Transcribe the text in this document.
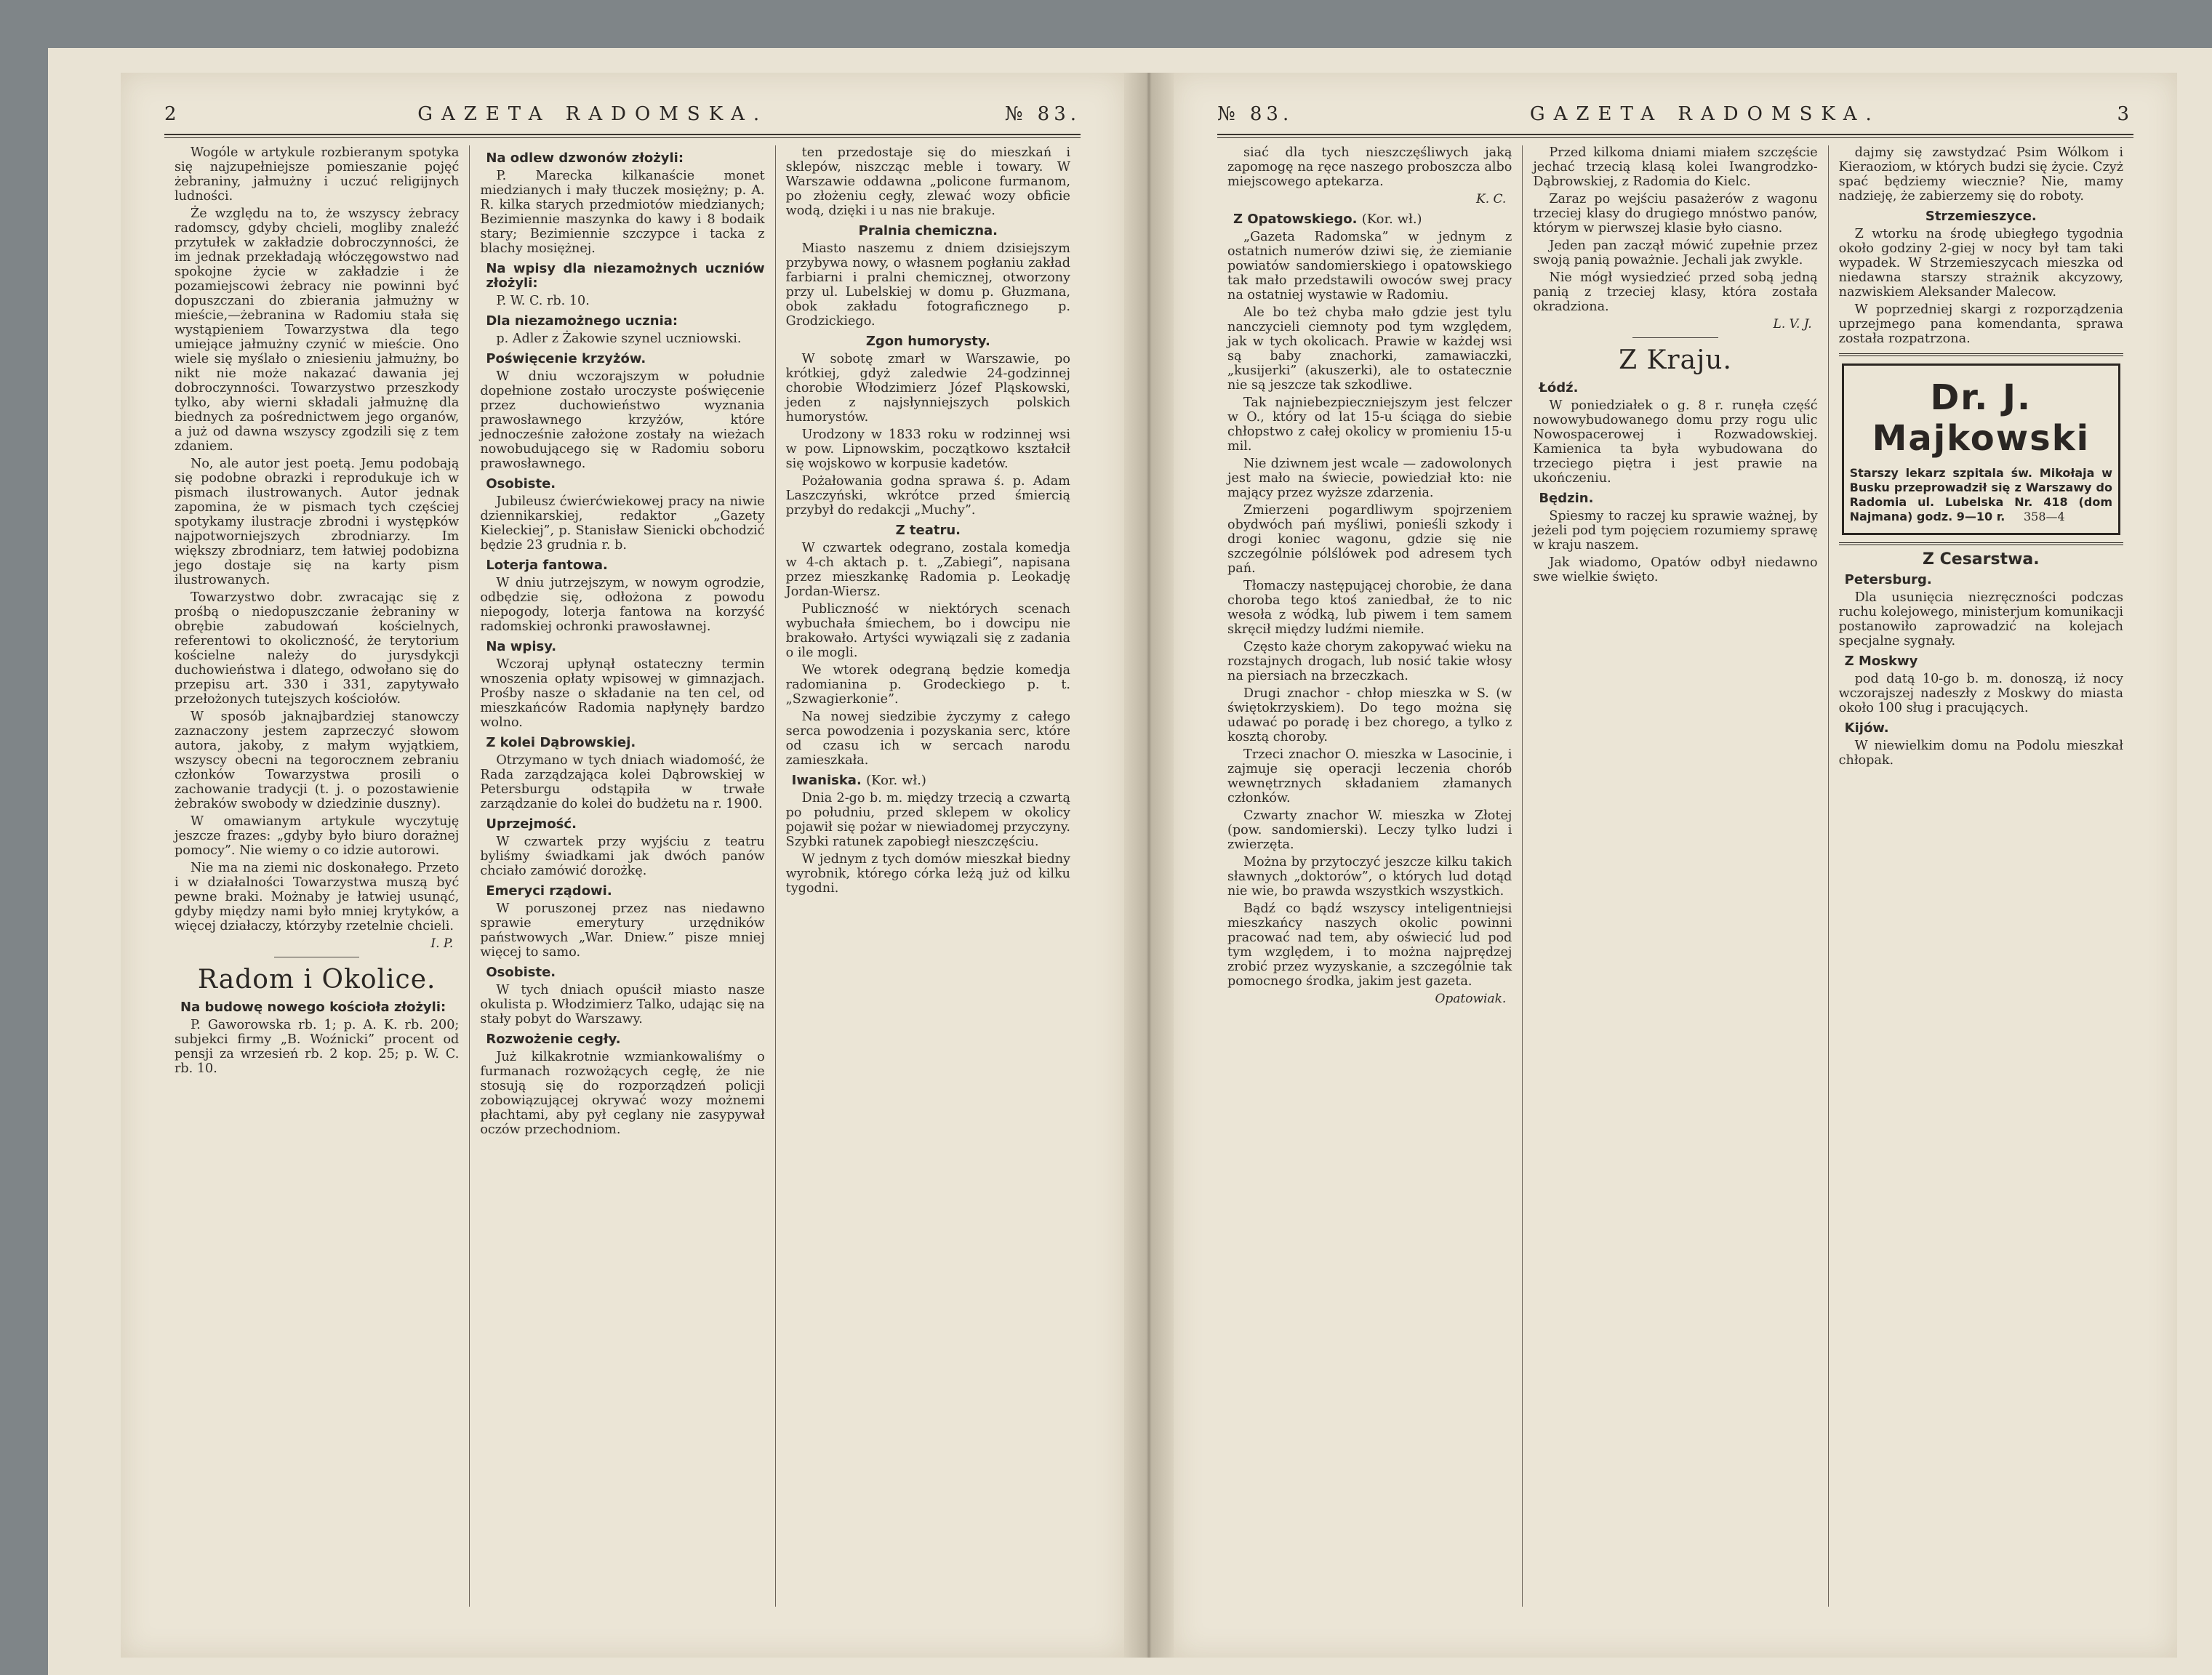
2	GAZETA RADOMSKA.	№ 83.

Wogóle w artykule rozbieranym spotyka się najzupełniejsze pomieszanie pojęć żebraniny, jałmużny i uczuć religijnych ludności.

Że względu na to, że wszyscy żebracy radomscy, gdyby chcieli, mogliby znaleźć przytułek w zakładzie dobroczynności, że im jednak przekładają włóczęgowstwo nad spokojne życie w zakładzie i że pozamiejscowi żebracy nie powinni być dopuszczani do zbierania jałmużny w mieście,—żebranina w Radomiu stała się wystąpieniem Towarzystwa dla tego umiejące jałmużny czynić w mieście. Ono wiele się myślało o zniesieniu jałmużny, bo nikt nie może nakazać dawania jej dobroczynności. Towarzystwo przeszkody tylko, aby wierni składali jałmużnę dla biednych za pośrednictwem jego organów, a już od dawna wszyscy zgodzili się z tem zdaniem.

No, ale autor jest poetą. Jemu podobają się podobne obrazki i reprodukuje ich w pismach ilustrowanych. Autor jednak zapomina, że w pismach tych częściej spotykamy ilustracje zbrodni i występków najpotworniejszych zbrodniarzy. Im większy zbrodniarz, tem łatwiej podobizna jego dostaje się na karty pism ilustrowanych.

Towarzystwo dobr. zwracając się z prośbą o niedopuszczanie żebraniny w obrębie zabudowań kościelnych, referentowi to okoliczność, że terytorium kościelne należy do jurysdykcji duchowieństwa i dlatego, odwołano się do przepisu art. 330 i 331, zapytywało przełożonych tutejszych kościołów.

W sposób jaknajbardziej stanowczy zaznaczony jestem zaprzeczyć słowom autora, jakoby, z małym wyjątkiem, wszyscy obecni na tegorocznem zebraniu członków Towarzystwa prosili o zachowanie tradycji (t. j. o pozostawienie żebraków swobody w dziedzinie duszny).

W omawianym artykule wyczytuję jeszcze frazes: „gdyby było biuro dorażnej pomocy”. Nie wiemy o co idzie autorowi.

Nie ma na ziemi nic doskonałego. Przeto i w działalności Towarzystwa muszą być pewne braki. Możnaby je łatwiej usunąć, gdyby między nami było mniej krytyków, a więcej działaczy, którzyby rzetelnie chcieli.

I. P.
Radom i Okolice.
Na budowę nowego kościoła złożyli:

P. Gaworowska rb. 1; p. A. K. rb. 200; subjekci firmy „B. Woźnicki” procent od pensji za wrzesień rb. 2 kop. 25; p. W. C. rb. 10.

Na odlew dzwonów złożyli:

P. Marecka kilkanaście monet miedzianych i mały tłuczek mosiężny; p. A. R. kilka starych przedmiotów miedzianych; Bezimiennie maszynka do kawy i 8 bodaik stary; Bezimiennie szczypce i tacka z blachy mosiężnej.

Na wpisy dla niezamożnych uczniów złożyli:

P. W. C. rb. 10.

Dla niezamożnego ucznia:

p. Adler z Żakowie szynel uczniowski.

Poświęcenie krzyżów.

W dniu wczorajszym w południe dopełnione zostało uroczyste poświęcenie przez duchowieństwo wyznania prawosławnego krzyżów, które jednocześnie założone zostały na wieżach nowobudującego się w Radomiu soboru prawosławnego.

Osobiste.

Jubileusz ćwierćwiekowej pracy na niwie dziennikarskiej, redaktor „Gazety Kieleckiej”, p. Stanisław Sienicki obchodzić będzie 23 grudnia r. b.

Loterja fantowa.

W dniu jutrzejszym, w nowym ogrodzie, odbędzie się, odłożona z powodu niepogody, loterja fantowa na korzyść radomskiej ochronki prawosławnej.

Na wpisy.

Wczoraj upłynął ostateczny termin wnoszenia opłaty wpisowej w gimnazjach. Prośby nasze o składanie na ten cel, od mieszkańców Radomia napłynęły bardzo wolno.

Z kolei Dąbrowskiej.

Otrzymano w tych dniach wiadomość, że Rada zarządzająca kolei Dąbrowskiej w Petersburgu odstąpiła w trwałe zarządzanie do kolei do budżetu na r. 1900.

Uprzejmość.

W czwartek przy wyjściu z teatru byliśmy świadkami jak dwóch panów chciało zamówić dorożkę.

Emeryci rządowi.

W poruszonej przez nas niedawno sprawie emerytury urzędników państwowych „War. Dniew.” pisze mniej więcej to samo.

Osobiste.

W tych dniach opuścił miasto nasze okulista p. Włodzimierz Talko, udając się na stały pobyt do Warszawy.

Rozwożenie cegły.

Już kilkakrotnie wzmiankowaliśmy o furmanach rozwożących cegłę, że nie stosują się do rozporządzeń policji zobowiązującej okrywać wozy możnemi płachtami, aby pył ceglany nie zasypywał oczów przechodniom.

ten przedostaje się do mieszkań i sklepów, niszcząc meble i towary. W Warszawie oddawna „policone furmanom, po złożeniu cegły, zlewać wozy obficie wodą, dzięki i u nas nie brakuje.

Pralnia chemiczna.

Miasto naszemu z dniem dzisiejszym przybywa nowy, o własnem pogłaniu zakład farbiarni i pralni chemicznej, otworzony przy ul. Lubelskiej w domu p. Głuzmana, obok zakładu fotograficznego p. Grodzickiego.

Zgon humorysty.

W sobotę zmarł w Warszawie, po krótkiej, gdyż zaledwie 24-godzinnej chorobie Włodzimierz Józef Pląskowski, jeden z najsłynniejszych polskich humorystów.

Urodzony w 1833 roku w rodzinnej wsi w pow. Lipnowskim, początkowo kształcił się wojskowo w korpusie kadetów.

Pożałowania godna sprawa ś. p. Adam Laszczyński, wkrótce przed śmiercią przybył do redakcji „Muchy”.

Z teatru.

W czwartek odegrano, zostala komedja w 4-ch aktach p. t. „Zabiegi”, napisana przez mieszkankę Radomia p. Leokadję Jordan-Wiersz.

Publiczność w niektórych scenach wybuchała śmiechem, bo i dowcipu nie brakowało. Artyści wywiązali się z zadania o ile mogli.

We wtorek odegraną będzie komedja radomianina p. Grodeckiego p. t. „Szwagierkonie”.

Na nowej siedzibie życzymy z całego serca powodzenia i pozyskania serc, które od czasu ich w sercach narodu zamieszkała.

Iwaniska. (Kor. wł.)

Dnia 2-go b. m. między trzecią a czwartą po południu, przed sklepem w okolicy pojawił się pożar w niewiadomej przyczyny. Szybki ratunek zapobiegł nieszczęściu.

W jednym z tych domów mieszkał biedny wyrobnik, którego córka leżą już od kilku tygodni.

№ 83.	GAZETA RADOMSKA.	3

siać dla tych nieszczęśliwych jaką zapomogę na ręce naszego proboszcza albo miejscowego aptekarza.

K. C.
Z Opatowskiego. (Kor. wł.)

„Gazeta Radomska” w jednym z ostatnich numerów dziwi się, że ziemianie powiatów sandomierskiego i opatowskiego tak mało przedstawili owoców swej pracy na ostatniej wystawie w Radomiu.

Ale bo też chyba mało gdzie jest tylu nanczycieli ciemnoty pod tym względem, jak w tych okolicach. Prawie w każdej wsi są baby znachorki, zamawiaczki, „kusijerki” (akuszerki), ale to ostatecznie nie są jeszcze tak szkodliwe.

Tak najniebezpieczniejszym jest felczer w O., który od lat 15-u ściąga do siebie chłopstwo z całej okolicy w promieniu 15-u mil.

Nie dziwnem jest wcale — zadowolonych jest mało na świecie, powiedział kto: nie mający przez wyższe zdarzenia.

Zmierzeni pogardliwym spojrzeniem obydwóch pań myśliwi, ponieśli szkody i drogi koniec wagonu, gdzie się nie szczególnie pólślówek pod adresem tych pań.

Tłomaczy następującej chorobie, że dana choroba tego ktoś zaniedbał, że to nic wesoła z wódką, lub piwem i tem samem skręcił między ludźmi niemiłe.

Często każe chorym zakopywać wieku na rozstajnych drogach, lub nosić takie włosy na piersiach na brzeczkach.

Drugi znachor - chłop mieszka w S. (w świętokrzyskiem). Do tego można się udawać po poradę i bez chorego, a tylko z kosztą choroby.

Trzeci znachor O. mieszka w Lasocinie, i zajmuje się operacji leczenia chorób wewnętrznych składaniem złamanych członków.

Czwarty znachor W. mieszka w Złotej (pow. sandomierski). Leczy tylko ludzi i zwierzęta.

Można by przytoczyć jeszcze kilku takich sławnych „doktorów”, o których lud dotąd nie wie, bo prawda wszystkich wszystkich.

Bądź co bądź wszyscy inteligentniejsi mieszkańcy naszych okolic powinni pracować nad tem, aby oświecić lud pod tym względem, i to można najprędzej zrobić przez wyzyskanie, a szczególnie tak pomocnego środka, jakim jest gazeta.

Opatowiak.

Przed kilkoma dniami miałem szczęście jechać trzecią klasą kolei Iwangrodzko-Dąbrowskiej, z Radomia do Kielc.

Zaraz po wejściu pasażerów z wagonu trzeciej klasy do drugiego mnóstwo panów, którym w pierwszej klasie było ciasno.

Jeden pan zaczął mówić zupełnie przez swoją panią poważnie. Jechali jak zwykle.

Nie mógł wysiedzieć przed sobą jedną panią z trzeciej klasy, która została okradziona.

L. V. J.
Z Kraju.
Łódź.

W poniedziałek o g. 8 r. runęła część nowowybudowanego domu przy rogu ulic Nowospacerowej i Rozwadowskiej. Kamienica ta była wybudowana do trzeciego piętra i jest prawie na ukończeniu.

Będzin.

Spiesmy to raczej ku sprawie ważnej, by jeżeli pod tym pojęciem rozumiemy sprawę w kraju naszem.

Jak wiadomo, Opatów odbył niedawno swe wielkie święto.

dajmy się zawstydzać Psim Wólkom i Kieraoziom, w których budzi się życie. Czyż spać będziemy wiecznie? Nie, mamy nadzieję, że zabierzemy się do roboty.

Strzemieszyce.

Z wtorku na środę ubiegłego tygodnia około godziny 2-giej w nocy był tam taki wypadek. W Strzemieszycach mieszka od niedawna starszy strażnik akcyzowy, nazwiskiem Aleksander Malecow.

W poprzedniej skargi z rozporządzenia uprzejmego pana komendanta, sprawa została rozpatrzona.

Dr. J. Majkowski
Starszy lekarz szpitala św. Mikołaja w Busku przeprowadził się z Warszawy do Radomia ul. Lubelska Nr. 418 (dom Najmana) godz. 9—10 r. 358—4
Z Cesarstwa.
Petersburg.

Dla usunięcia niezręczności podczas ruchu kolejowego, ministerjum komunikacji postanowiło zaprowadzić na kolejach specjalne sygnały.

Z Moskwy

pod datą 10-go b. m. donoszą, iż nocy wczorajszej nadeszły z Moskwy do miasta około 100 sług i pracujących.

Kijów.

W niewielkim domu na Podolu mieszkał chłopak.
